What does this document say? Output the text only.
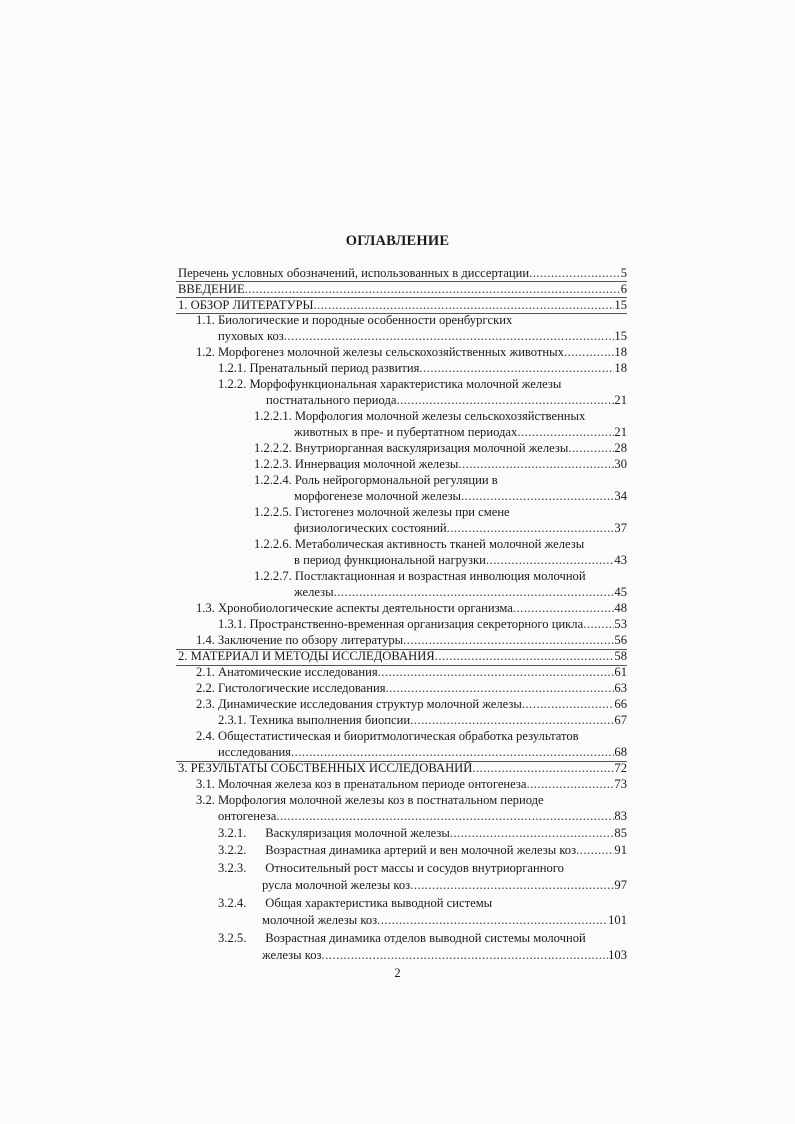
ОГЛАВЛЕНИЕ
Перечень условных обозначений, использованных в диссертации .....	5
ВВЕДЕНИЕ .....	6
1. ОБЗОР ЛИТЕРАТУРЫ .....	15
1.1. Биологические и породные особенности оренбургских
пуховых коз .....	15
1.2. Морфогенез молочной железы сельскохозяйственных животных .....	18
1.2.1. Пренатальный период развития .....	18
1.2.2. Морфофункциональная характеристика молочной железы
постнатального периода .....	21
1.2.2.1. Морфология молочной железы сельскохозяйственных
животных в пре- и пубертатном периодах .....	21
1.2.2.2. Внутриорганная васкуляризация молочной железы .....	28
1.2.2.3. Иннервация молочной железы .....	30
1.2.2.4. Роль нейрогормональной регуляции в
морфогенезе молочной железы .....	34
1.2.2.5. Гистогенез молочной железы при смене
физиологических состояний .....	37
1.2.2.6. Метаболическая активность тканей молочной железы
в период функциональной нагрузки .....	43
1.2.2.7. Постлактационная и возрастная инволюция молочной
железы .....	45
1.3. Хронобиологические аспекты деятельности организма .....	48
1.3.1. Пространственно-временная организация секреторного цикла ..... 53
1.4. Заключение по обзору литературы .....	56
2. МАТЕРИАЛ И МЕТОДЫ ИССЛЕДОВАНИЯ .....	58
2.1. Анатомические исследования .....	61
2.2. Гистологические исследования .....	63
2.3. Динамические исследования структур молочной железы .....	66
2.3.1. Техника выполнения биопсии .....	67
2.4. Общестатистическая и биоритмологическая обработка результатов
исследования .....	68
3. РЕЗУЛЬТАТЫ СОБСТВЕННЫХ ИССЛЕДОВАНИЙ .....	72
3.1. Молочная железа коз в пренатальном периоде онтогенеза .....	73
3.2. Морфология молочной железы коз в постнатальном периоде
онтогенеза .....	83
3.2.1.      Васкуляризация молочной железы .....	85
3.2.2.      Возрастная динамика артерий и вен молочной железы коз .....	91
3.2.3.      Относительный рост массы и сосудов внутриорганного
русла молочной железы коз .....	97
3.2.4.      Общая характеристика выводной системы
молочной железы коз .....	101
3.2.5.      Возрастная динамика отделов выводной системы молочной
железы коз .....	103
2
